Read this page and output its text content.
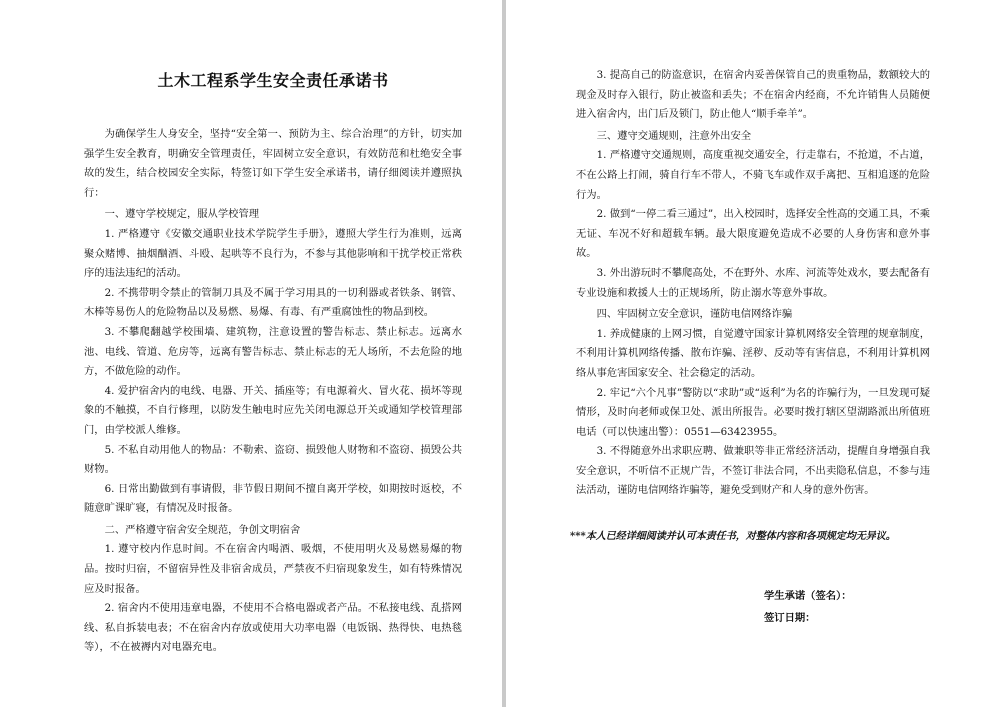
土木工程系学生安全责任承诺书

为确保学生人身安全，坚持“安全第一、预防为主、综合治理”的方针，切实加强学生安全教育，明确安全管理责任，牢固树立安全意识，有效防范和杜绝安全事故的发生，结合校园安全实际，特签订如下学生安全承诺书，请仔细阅读并遵照执行：

一、遵守学校规定，服从学校管理

1. 严格遵守《安徽交通职业技术学院学生手册》，遵照大学生行为准则，远离聚众赌博、抽烟酗酒、斗殴、起哄等不良行为，不参与其他影响和干扰学校正常秩序的违法违纪的活动。

2. 不携带明令禁止的管制刀具及不属于学习用具的一切利器或者铁条、钢管、木棒等易伤人的危险物品以及易燃、易爆、有毒、有严重腐蚀性的物品到校。

3. 不攀爬翻越学校围墙、建筑物，注意设置的警告标志、禁止标志。远离水池、电线、管道、危房等，远离有警告标志、禁止标志的无人场所，不去危险的地方，不做危险的动作。

4. 爱护宿舍内的电线、电器、开关、插座等；有电源着火、冒火花、损坏等现象的不触摸，不自行修理，以防发生触电时应先关闭电源总开关或通知学校管理部门，由学校派人维修。

5. 不私自动用他人的物品：不勒索、盗窃、损毁他人财物和不盗窃、损毁公共财物。

6. 日常出勤做到有事请假，非节假日期间不擅自离开学校，如期按时返校，不随意旷课旷寝，有情况及时报备。

二、严格遵守宿舍安全规范，争创文明宿舍

1. 遵守校内作息时间。不在宿舍内喝酒、吸烟，不使用明火及易燃易爆的物品。按时归宿，不留宿异性及非宿舍成员，严禁夜不归宿现象发生，如有特殊情况应及时报备。

2. 宿舍内不使用违章电器，不使用不合格电器或者产品。不私接电线、乱搭网线、私自拆装电表；不在宿舍内存放或使用大功率电器（电饭锅、热得快、电热毯等），不在被褥内对电器充电。

3. 提高自己的防盗意识，在宿舍内妥善保管自己的贵重物品，数额较大的现金及时存入银行，防止被盗和丢失；不在宿舍内经商，不允许销售人员随便进入宿舍内，出门后及锁门，防止他人“顺手牵羊”。

三、遵守交通规则，注意外出安全

1. 严格遵守交通规则，高度重视交通安全，行走靠右，不抢道，不占道，不在公路上打闹，骑自行车不带人，不骑飞车或作双手离把、互相追逐的危险行为。

2. 做到“一停二看三通过”，出入校园时，选择安全性高的交通工具，不乘无证、车况不好和超载车辆。最大限度避免造成不必要的人身伤害和意外事故。

3. 外出游玩时不攀爬高处，不在野外、水库、河流等处戏水，要去配备有专业设施和救援人士的正规场所，防止溺水等意外事故。

四、牢固树立安全意识，谨防电信网络诈骗

1. 养成健康的上网习惯，自觉遵守国家计算机网络安全管理的规章制度，不利用计算机网络传播、散布诈骗、淫秽、反动等有害信息，不利用计算机网络从事危害国家安全、社会稳定的活动。

2. 牢记“六个凡事”警防以“求助”或“返利”为名的诈骗行为，一旦发现可疑情形，及时向老师或保卫处、派出所报告。必要时拨打辖区望湖路派出所值班电话（可以快速出警）：0551—63423955。

3. 不得随意外出求职应聘、做兼职等非正常经济活动，提醒自身增强自我安全意识，不听信不正规广告，不签订非法合同，不出卖隐私信息，不参与违法活动，谨防电信网络诈骗等，避免受到财产和人身的意外伤害。

***本人已经详细阅读并认可本责任书，对整体内容和各项规定均无异议。

学生承诺（签名）：
签订日期：
